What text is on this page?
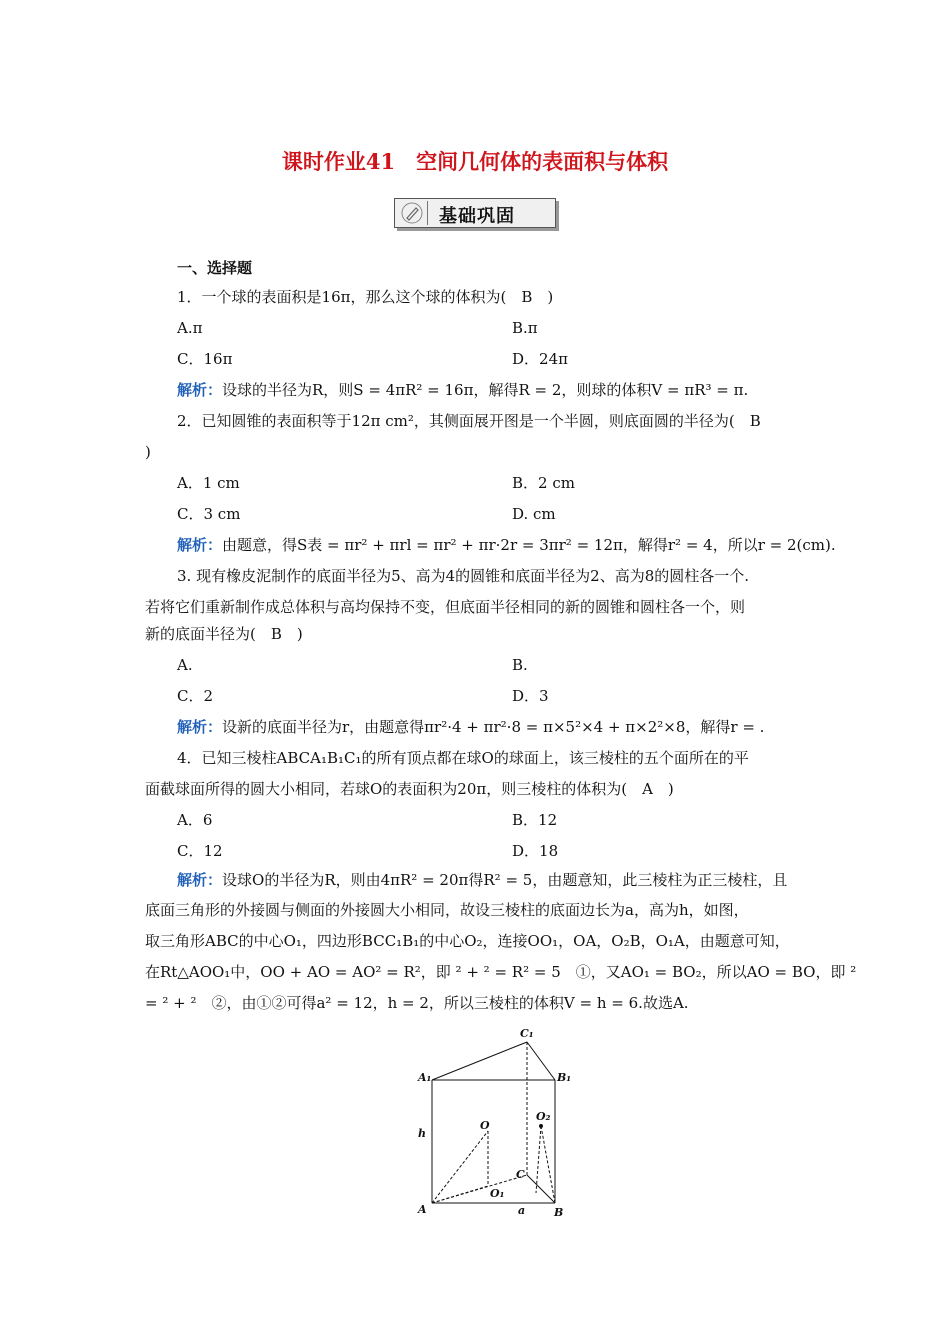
课时作业41　空间几何体的表面积与体积
基础巩固
一、选择题
1．一个球的表面积是16π，那么这个球的体积为(　B　)
A.π	B.π
C．16π	D．24π
解析：设球的半径为R，则S = 4πR² = 16π，解得R = 2，则球的体积V = πR³ = π.
2．已知圆锥的表面积等于12π cm²，其侧面展开图是一个半圆，则底面圆的半径为(　B
)
A．1 cm	B．2 cm
C．3 cm	D. cm
解析：由题意，得S表 = πr² + πrl = πr² + πr·2r = 3πr² = 12π，解得r² = 4，所以r = 2(cm).
3. 现有橡皮泥制作的底面半径为5、高为4的圆锥和底面半径为2、高为8的圆柱各一个.
若将它们重新制作成总体积与高均保持不变，但底面半径相同的新的圆锥和圆柱各一个，则
新的底面半径为(　B　)
A.	B.
C．2	D．3
解析：设新的底面半径为r，由题意得πr²·4 + πr²·8 = π×5²×4 + π×2²×8，解得r = .
4．已知三棱柱ABCA₁B₁C₁的所有顶点都在球O的球面上，该三棱柱的五个面所在的平
面截球面所得的圆大小相同，若球O的表面积为20π，则三棱柱的体积为(　A　)
A．6	B．12
C．12	D．18
解析：设球O的半径为R，则由4πR² = 20π得R² = 5，由题意知，此三棱柱为正三棱柱，且
底面三角形的外接圆与侧面的外接圆大小相同，故设三棱柱的底面边长为a，高为h，如图，
取三角形ABC的中心O₁，四边形BCC₁B₁的中心O₂，连接OO₁，OA，O₂B，O₁A，由题意可知，
在Rt△AOO₁中，OO + AO = AO² = R²，即 ² + ² = R² = 5　①，又AO₁ = BO₂，所以AO = BO，即 ²
= ² + ²　②，由①②可得a² = 12，h = 2，所以三棱柱的体积V = h = 6.故选A.
A₁	B₁
C₁
A	B
C
O
O₁
O₂
h
a
